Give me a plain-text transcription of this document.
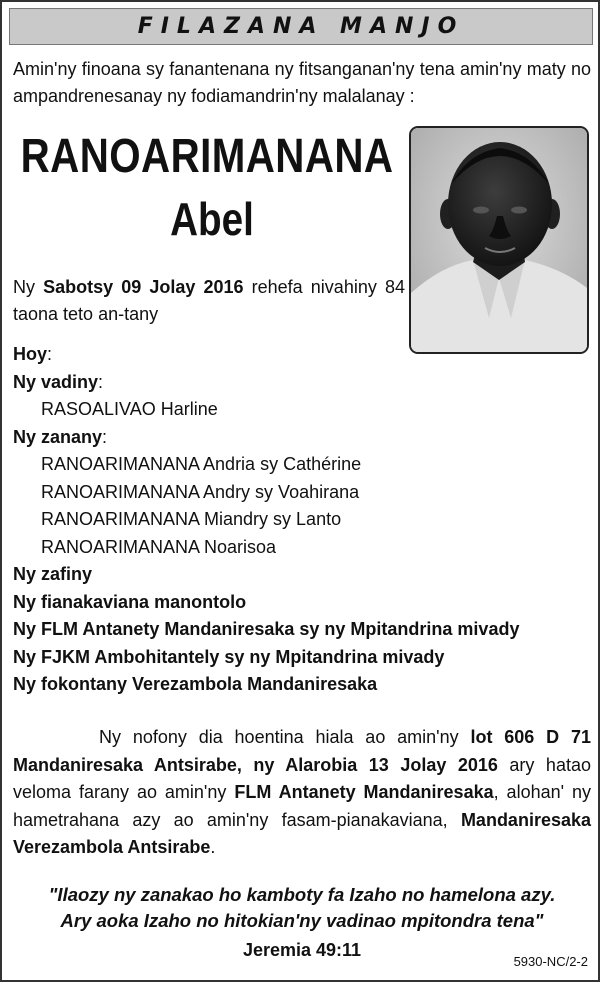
FILAZANA MANJO

Amin'ny finoana sy fanantenana ny fitsanganan'ny tena amin'ny maty no ampandrenesanay ny fodiamandrin'ny malalanay :

RANOARIMANANA
Abel

Ny Sabotsy 09 Jolay 2016 rehefa nivahiny 84 taona teto an-tany

Hoy:
Ny vadiny:
RASOALIVAO Harline
Ny zanany:
RANOARIMANANA Andria sy Cathérine
RANOARIMANANA Andry sy Voahirana
RANOARIMANANA Miandry sy Lanto
RANOARIMANANA Noarisoa
Ny zafiny
Ny fianakaviana manontolo
Ny FLM Antanety Mandaniresaka sy ny Mpitandrina mivady
Ny FJKM Ambohitantely sy ny Mpitandrina mivady
Ny fokontany Verezambola Mandaniresaka

Ny nofony dia hoentina hiala ao amin'ny lot 606 D 71 Mandaniresaka Antsirabe, ny Alarobia 13 Jolay 2016 ary hatao veloma farany ao amin'ny FLM Antanety Mandaniresaka, alohan' ny hametrahana azy ao amin'ny fasam-pianakaviana, Mandaniresaka Verezambola Antsirabe.

"Ilaozy ny zanakao ho kamboty fa Izaho no hamelona azy.
Ary aoka Izaho no hitokian'ny vadinao mpitondra tena"
Jeremia 49:11
5930-NC/2-2
